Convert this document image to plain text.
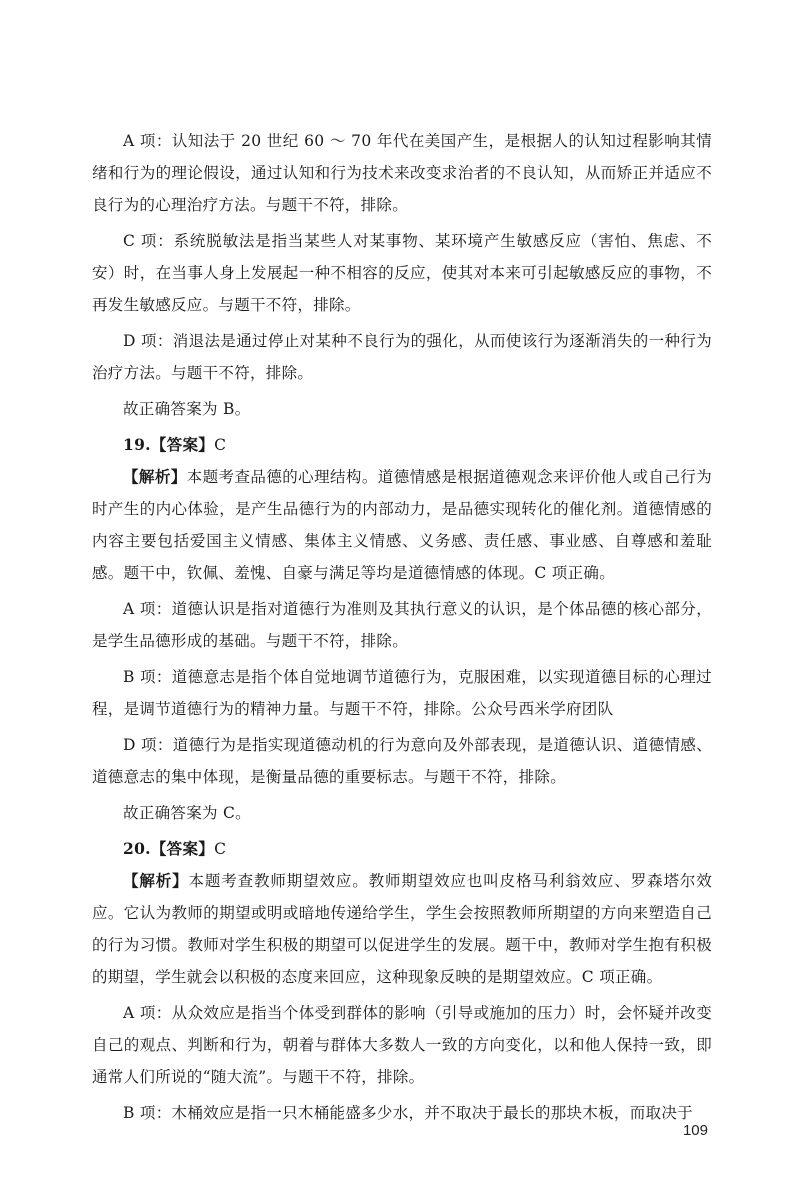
A 项：认知法于 20 世纪 60 ～ 70 年代在美国产生，是根据人的认知过程影响其情绪和行为的理论假设，通过认知和行为技术来改变求治者的不良认知，从而矫正并适应不良行为的心理治疗方法。与题干不符，排除。

C 项：系统脱敏法是指当某些人对某事物、某环境产生敏感反应（害怕、焦虑、不安）时，在当事人身上发展起一种不相容的反应，使其对本来可引起敏感反应的事物，不再发生敏感反应。与题干不符，排除。

D 项：消退法是通过停止对某种不良行为的强化，从而使该行为逐渐消失的一种行为治疗方法。与题干不符，排除。

故正确答案为 B。

19.【答案】C

【解析】本题考查品德的心理结构。道德情感是根据道德观念来评价他人或自己行为时产生的内心体验，是产生品德行为的内部动力，是品德实现转化的催化剂。道德情感的内容主要包括爱国主义情感、集体主义情感、义务感、责任感、事业感、自尊感和羞耻感。题干中，钦佩、羞愧、自豪与满足等均是道德情感的体现。C 项正确。

A 项：道德认识是指对道德行为准则及其执行意义的认识，是个体品德的核心部分，是学生品德形成的基础。与题干不符，排除。

B 项：道德意志是指个体自觉地调节道德行为，克服困难，以实现道德目标的心理过程，是调节道德行为的精神力量。与题干不符，排除。公众号西米学府团队

D 项：道德行为是指实现道德动机的行为意向及外部表现，是道德认识、道德情感、道德意志的集中体现，是衡量品德的重要标志。与题干不符，排除。

故正确答案为 C。

20.【答案】C

【解析】本题考查教师期望效应。教师期望效应也叫皮格马利翁效应、罗森塔尔效应。它认为教师的期望或明或暗地传递给学生，学生会按照教师所期望的方向来塑造自己的行为习惯。教师对学生积极的期望可以促进学生的发展。题干中，教师对学生抱有积极的期望，学生就会以积极的态度来回应，这种现象反映的是期望效应。C 项正确。

A 项：从众效应是指当个体受到群体的影响（引导或施加的压力）时，会怀疑并改变自己的观点、判断和行为，朝着与群体大多数人一致的方向变化，以和他人保持一致，即通常人们所说的“随大流”。与题干不符，排除。

B 项：木桶效应是指一只木桶能盛多少水，并不取决于最长的那块木板，而取决于

109
